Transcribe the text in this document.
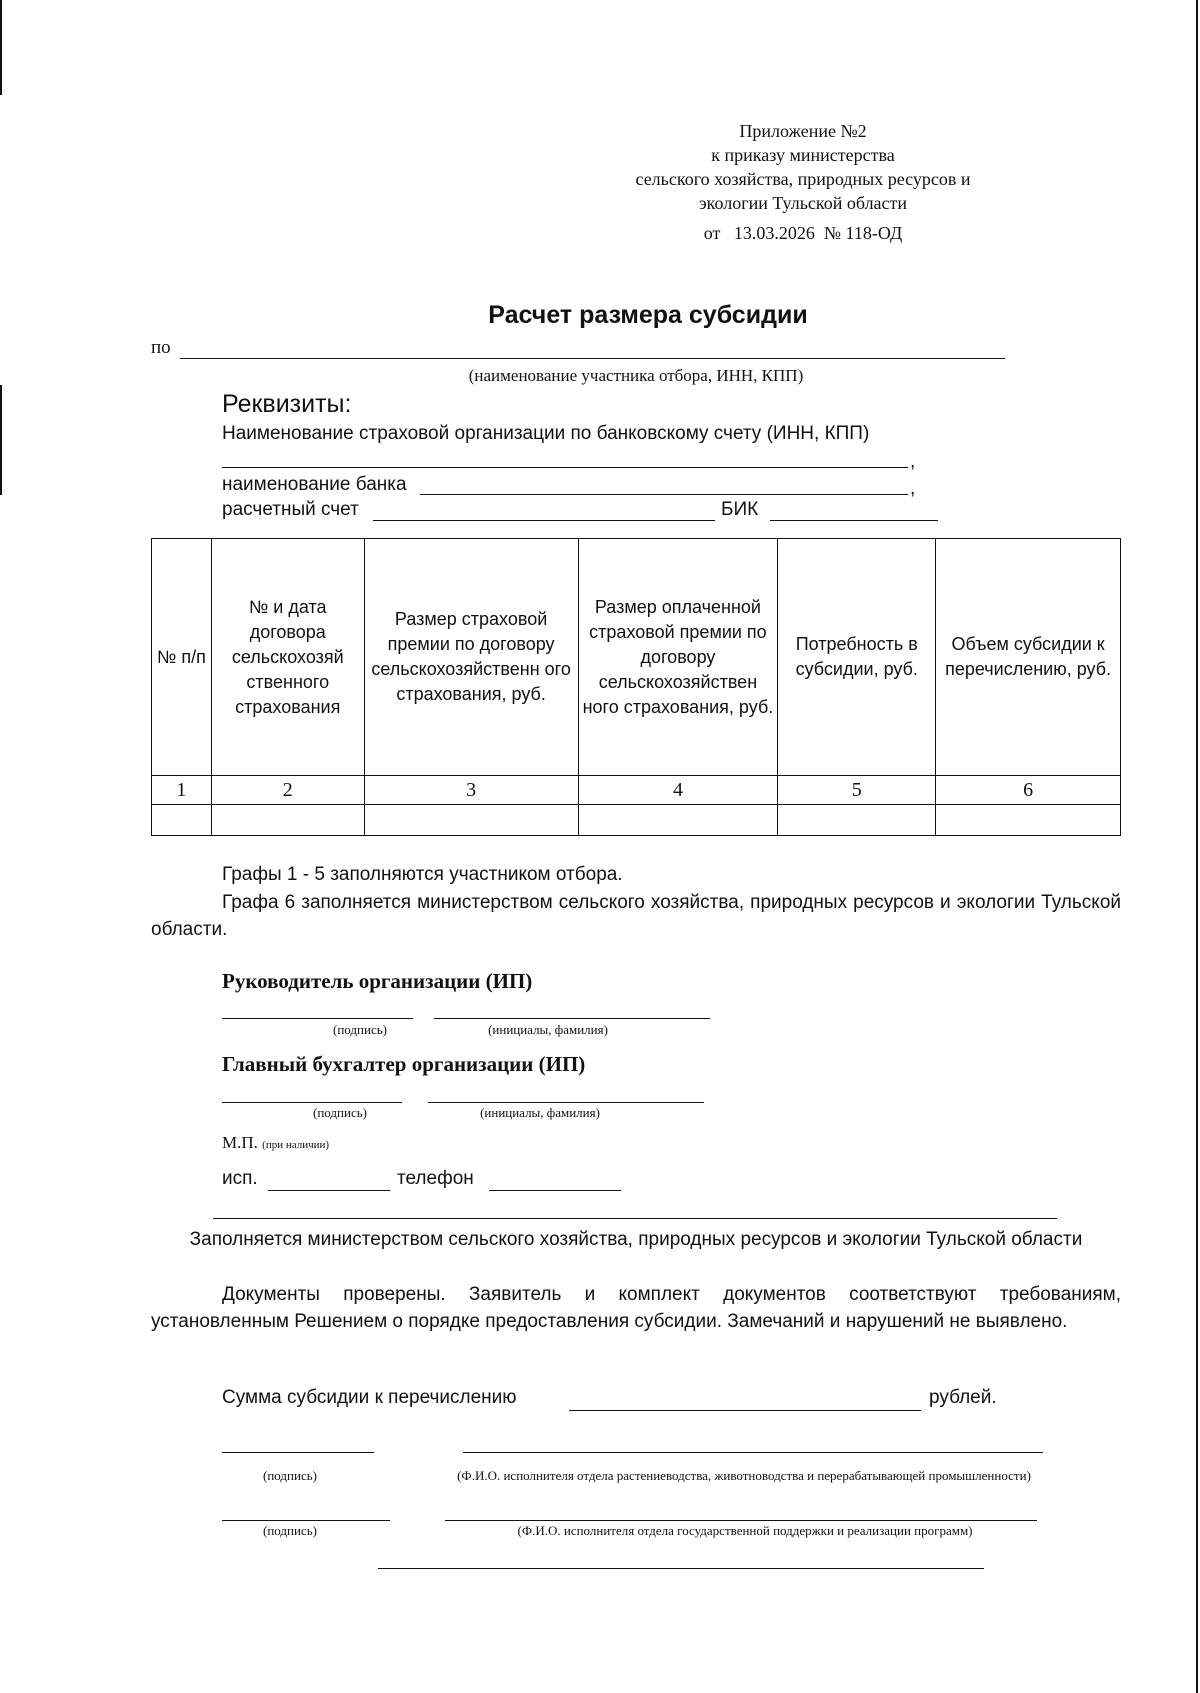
Приложение №2
к приказу министерства
сельского хозяйства, природных ресурсов и
экологии Тульской области
от   13.03.2026  № 118-ОД
Расчет размера субсидии
по
(наименование участника отбора, ИНН, КПП)
Реквизиты:
Наименование страховой организации по банковскому счету (ИНН, КПП)
,
наименование банка	,
расчетный счет	БИК
№ п/п	№ и дата договора сельскохозяй ственного страхования	Размер страховой премии по договору сельскохозяйственн ого страхования, руб.	Размер оплаченной страховой премии по договору сельскохозяйствен ного страхования, руб.	Потребность в субсидии, руб.	Объем субсидии к перечислению, руб.
1	2	3	4	5	6

Графы 1 - 5 заполняются участником отбора.
Графа 6 заполняется министерством сельского хозяйства, природных ресурсов и экологии Тульской области.
Руководитель организации (ИП)
(подпись)	(инициалы, фамилия)
Главный бухгалтер организации (ИП)
(подпись)	(инициалы, фамилия)
М.П. (при наличии)
исп.	телефон
Заполняется министерством сельского хозяйства, природных ресурсов и экологии Тульской области
Документы проверены. Заявитель и комплект документов соответствуют требованиям, установленным Решением о порядке предоставления субсидии. Замечаний и нарушений не выявлено.
Сумма субсидии к перечислению	рублей.
(подпись)	(Ф.И.О. исполнителя отдела растениеводства, животноводства и перерабатывающей промышленности)
(подпись)	(Ф.И.О. исполнителя отдела государственной поддержки и реализации программ)
